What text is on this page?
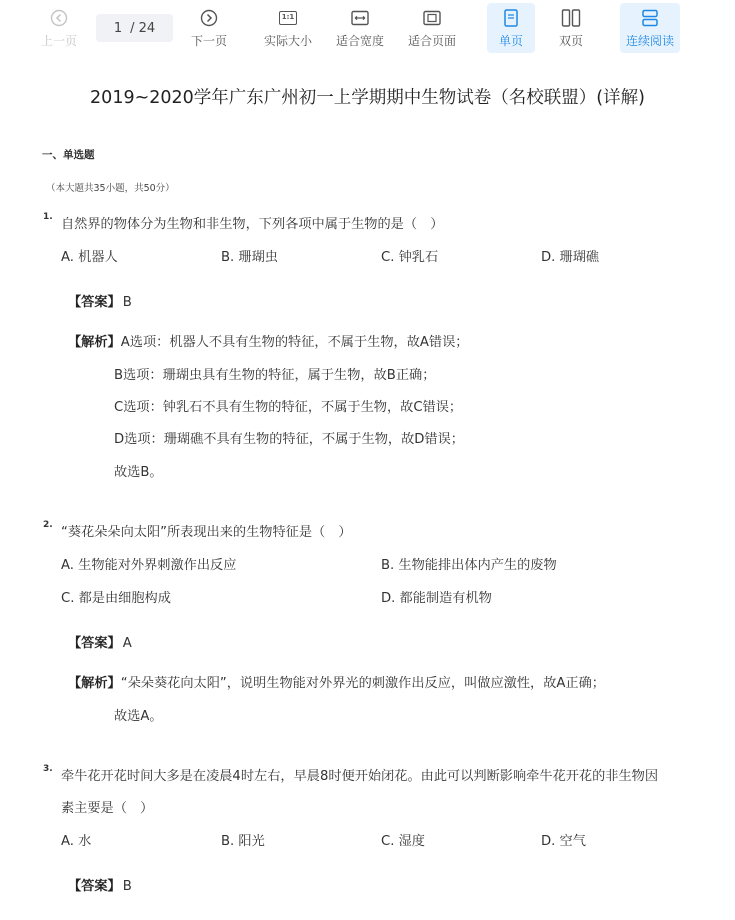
上一页
1 / 24
下一页
1:1
实际大小 适合宽度 适合页面	单页	双页	连续阅读
2019~2020学年广东广州初一上学期期中生物试卷（名校联盟）(详解)
一、单选题
（本大题共35小题，共50分）
1. 自然界的物体分为生物和非生物，下列各项中属于生物的是（　）
A. 机器人	B. 珊瑚虫	C. 钟乳石	D. 珊瑚礁
【答案】 B
【解析】A选项：机器人不具有生物的特征，不属于生物，故A错误；
B选项：珊瑚虫具有生物的特征，属于生物，故B正确；
C选项：钟乳石不具有生物的特征，不属于生物，故C错误；
D选项：珊瑚礁不具有生物的特征，不属于生物，故D错误；
故选B。
2. “葵花朵朵向太阳”所表现出来的生物特征是（　）
A. 生物能对外界刺激作出反应	B. 生物能排出体内产生的废物
C. 都是由细胞构成	D. 都能制造有机物
【答案】 A
【解析】“朵朵葵花向太阳”，说明生物能对外界光的刺激作出反应，叫做应激性，故A正确；
故选A。
3. 牵牛花开花时间大多是在凌晨4时左右，早晨8时便开始闭花。由此可以判断影响牵牛花开花的非生物因
素主要是（　）
A. 水	B. 阳光	C. 湿度	D. 空气
【答案】 B
